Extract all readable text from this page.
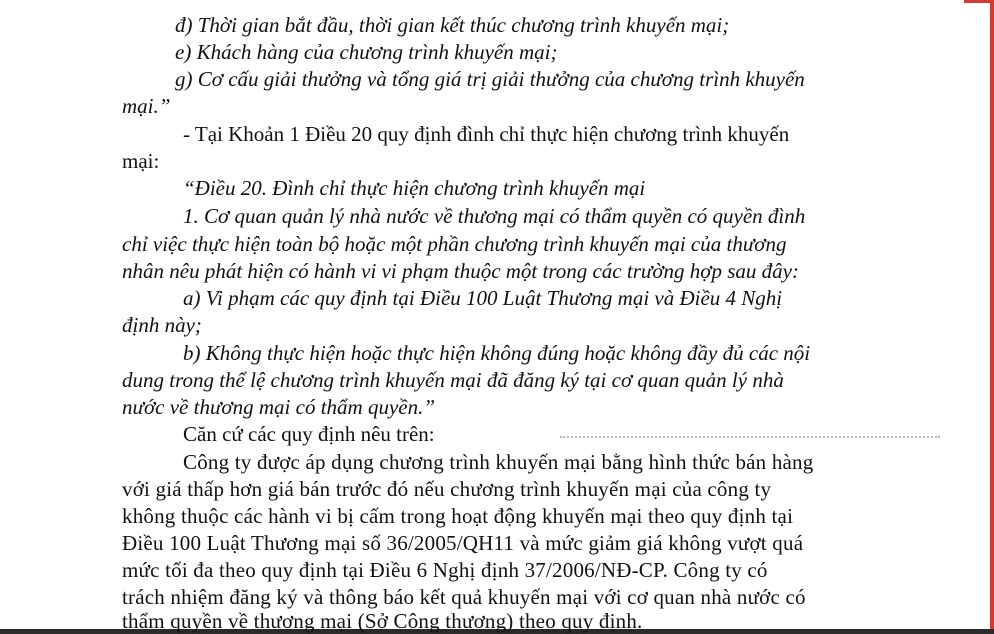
đ) Thời gian bắt đầu, thời gian kết thúc chương trình khuyến mại;
e) Khách hàng của chương trình khuyến mại;
g) Cơ cấu giải thưởng và tổng giá trị giải thưởng của chương trình khuyến
mại.”
- Tại Khoản 1 Điều 20 quy định đình chỉ thực hiện chương trình khuyến
mại:
“Điều 20. Đình chỉ thực hiện chương trình khuyến mại
1. Cơ quan quản lý nhà nước về thương mại có thẩm quyền có quyền đình
chỉ việc thực hiện toàn bộ hoặc một phần chương trình khuyến mại của thương
nhân nêu phát hiện có hành vi vi phạm thuộc một trong các trường hợp sau đây:
a) Vi phạm các quy định tại Điều 100 Luật Thương mại và Điều 4 Nghị
định này;
b) Không thực hiện hoặc thực hiện không đúng hoặc không đầy đủ các nội
dung trong thể lệ chương trình khuyến mại đã đăng ký tại cơ quan quản lý nhà
nước về thương mại có thẩm quyền.”
Căn cứ các quy định nêu trên:
Công ty được áp dụng chương trình khuyến mại bằng hình thức bán hàng
với giá thấp hơn giá bán trước đó nếu chương trình khuyến mại của công ty
không thuộc các hành vi bị cấm trong hoạt động khuyến mại theo quy định tại
Điều 100 Luật Thương mại số 36/2005/QH11 và mức giảm giá không vượt quá
mức tối đa theo quy định tại Điều 6 Nghị định 37/2006/NĐ-CP. Công ty có
trách nhiệm đăng ký và thông báo kết quả khuyến mại với cơ quan nhà nước có
thẩm quyền về thương mại (Sở Công thương) theo quy định.
